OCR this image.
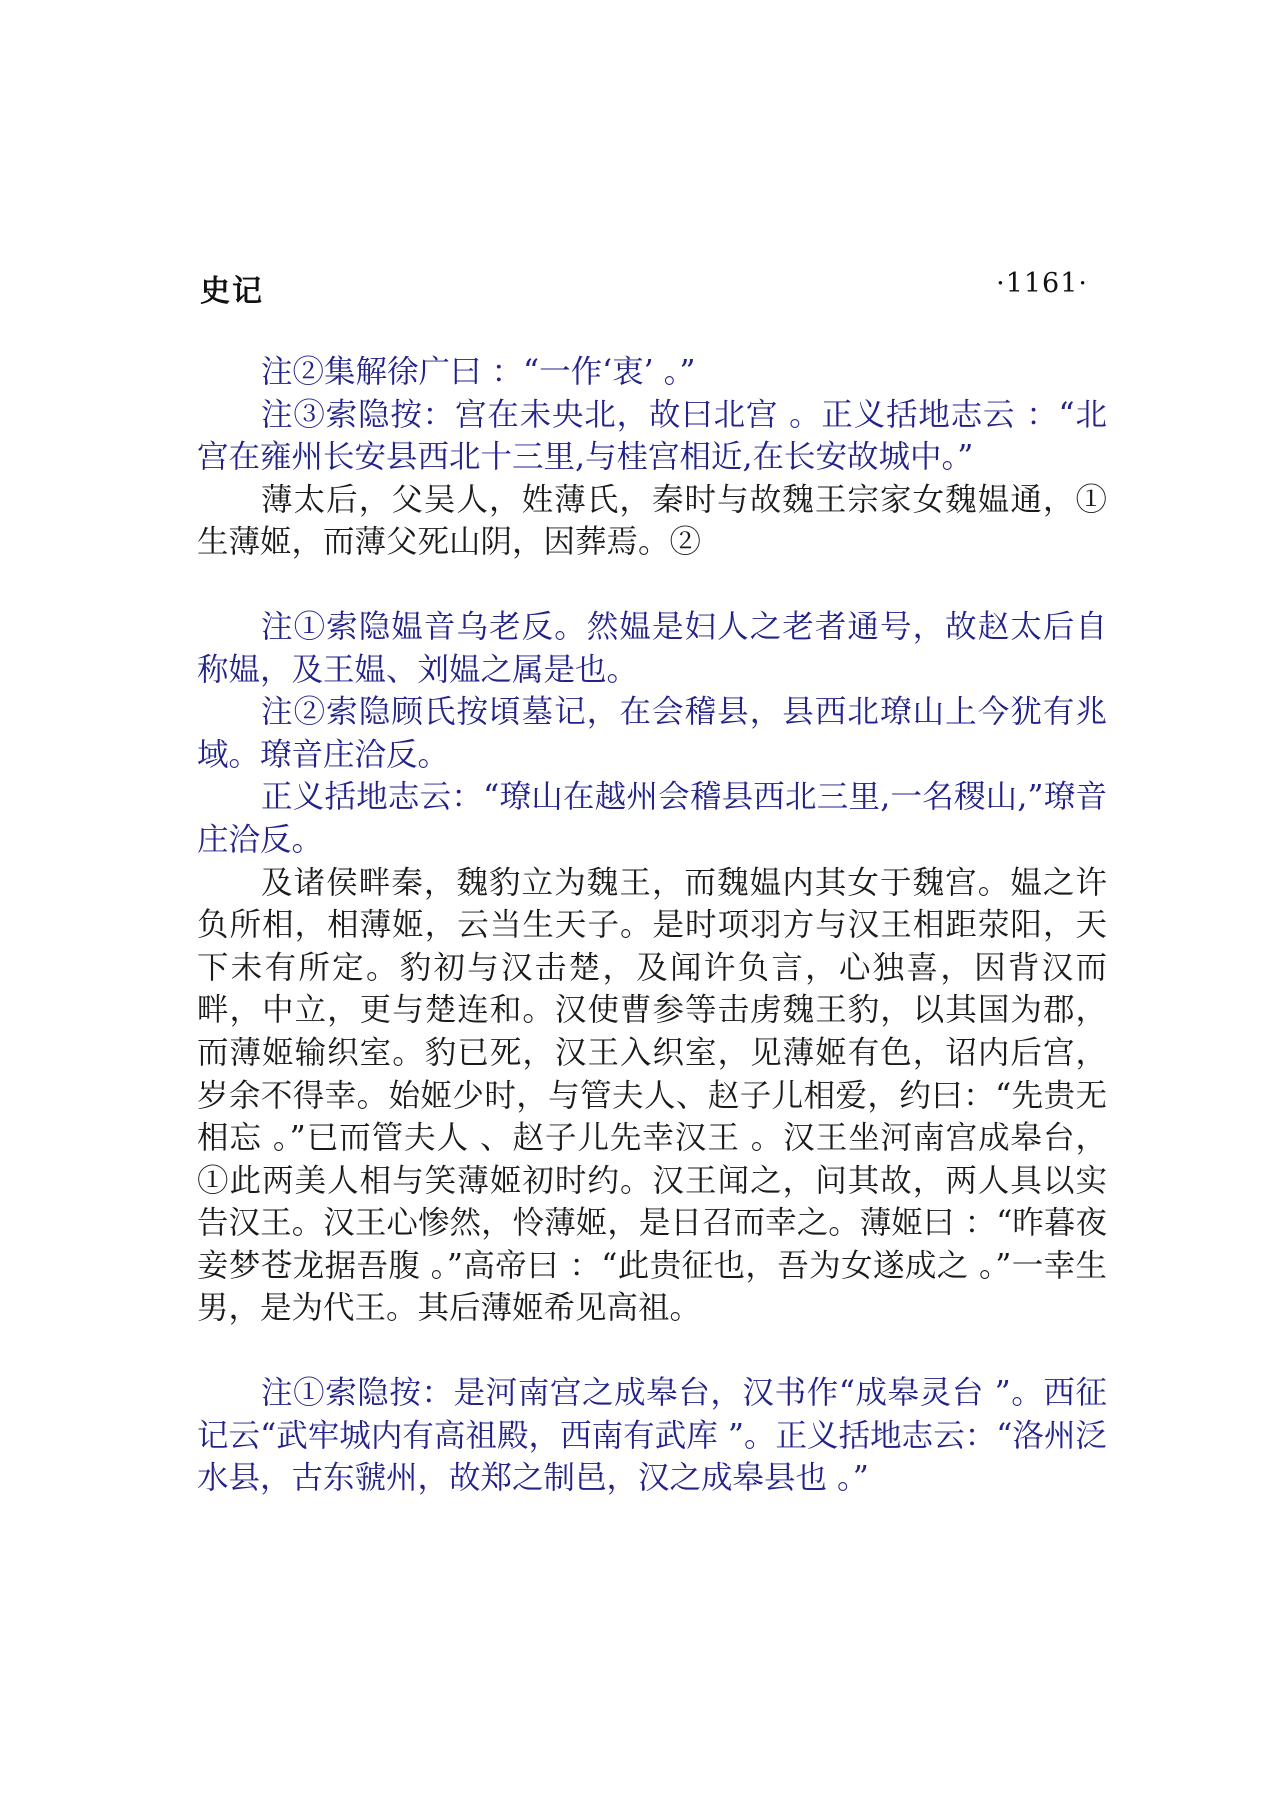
史记	·1161·

注②集解徐广曰 ：“一作‘衷’ 。”

注③索隐按：宫在未央北，故曰北宫 。正义括地志云 ：“北宫在雍州长安县西北十三里,与桂宫相近,在长安故城中。”

薄太后，父吴人，姓薄氏，秦时与故魏王宗家女魏媪通，①生薄姬，而薄父死山阴，因葬焉。②

注①索隐媪音乌老反。然媪是妇人之老者通号，故赵太后自称媪，及王媪、刘媪之属是也。

注②索隐顾氏按頃墓记，在会稽县，县西北璙山上今犹有兆域。璙音庄洽反。

正义括地志云：“璙山在越州会稽县西北三里,一名稷山,”璙音庄洽反。

及诸侯畔秦，魏豹立为魏王，而魏媪内其女于魏宫。媪之许负所相，相薄姬，云当生天子。是时项羽方与汉王相距荥阳，天下未有所定。豹初与汉击楚，及闻许负言，心独喜，因背汉而畔，中立，更与楚连和。汉使曹参等击虏魏王豹，以其国为郡，而薄姬输织室。豹已死，汉王入织室，见薄姬有色，诏内后宫，岁余不得幸。始姬少时，与管夫人、赵子儿相爱，约曰：“先贵无相忘 。”已而管夫人 、赵子儿先幸汉王 。汉王坐河南宫成皋台，①此两美人相与笑薄姬初时约。汉王闻之，问其故，两人具以实告汉王。汉王心惨然，怜薄姬，是日召而幸之。薄姬曰 ：“昨暮夜妾梦苍龙据吾腹 。”高帝曰 ：“此贵征也，吾为女遂成之 。”一幸生男，是为代王。其后薄姬希见高祖。

注①索隐按：是河南宫之成皋台，汉书作“成皋灵台 ”。西征记云“武牢城内有高祖殿，西南有武库 ”。正义括地志云：“洛州泛水县，古东虢州，故郑之制邑，汉之成皋县也 。”
